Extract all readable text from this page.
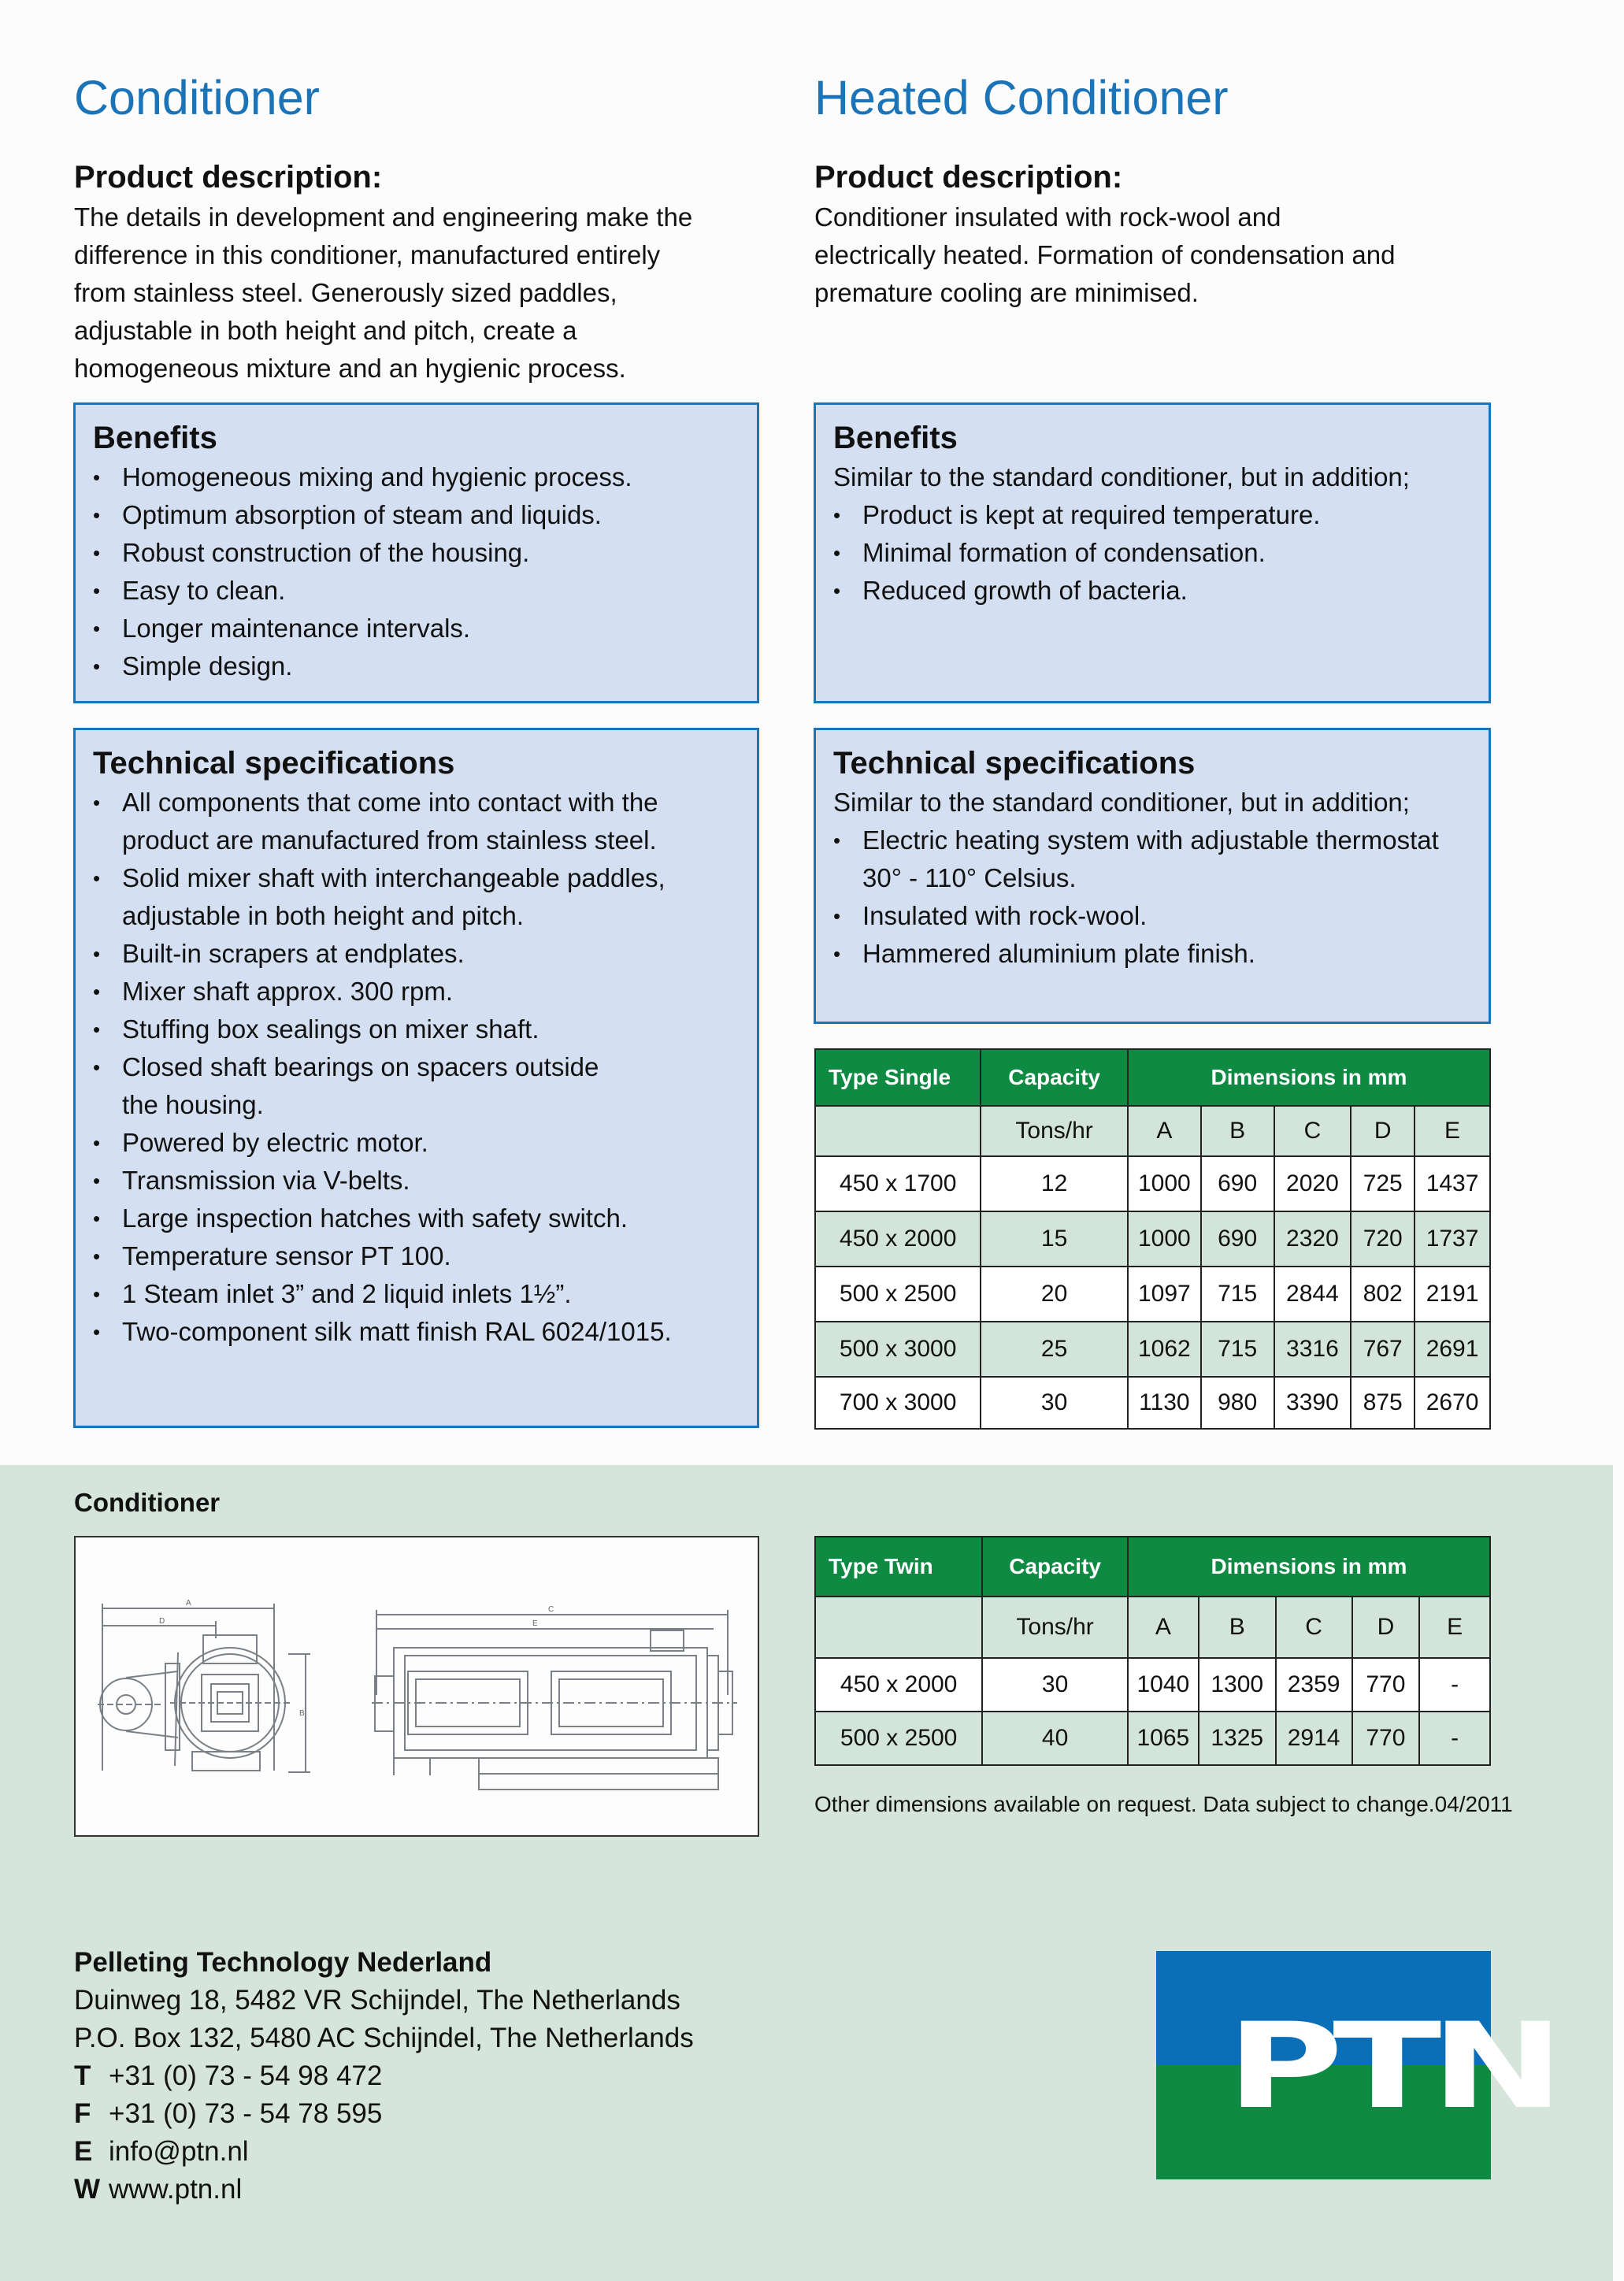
Conditioner
Product description:
The details in development and engineering make the
difference in this conditioner, manufactured entirely
from stainless steel. Generously sized paddles,
adjustable in both height and pitch, create a
homogeneous mixture and an hygienic process.
Benefits
• Homogeneous mixing and hygienic process.
• Optimum absorption of steam and liquids.
• Robust construction of the housing.
• Easy to clean.
• Longer maintenance intervals.
• Simple design.
Technical specifications
• All components that come into contact with the
product are manufactured from stainless steel.
• Solid mixer shaft with interchangeable paddles,
adjustable in both height and pitch.
• Built-in scrapers at endplates.
• Mixer shaft approx. 300 rpm.
• Stuffing box sealings on mixer shaft.
• Closed shaft bearings on spacers outside
the housing.
• Powered by electric motor.
• Transmission via V-belts.
• Large inspection hatches with safety switch.
• Temperature sensor PT 100.
• 1 Steam inlet 3” and 2 liquid inlets 1½”.
• Two-component silk matt finish RAL 6024/1015.
Heated Conditioner
Product description:
Conditioner insulated with rock-wool and
electrically heated. Formation of condensation and
premature cooling are minimised.
Benefits
Similar to the standard conditioner, but in addition;
• Product is kept at required temperature.
• Minimal formation of condensation.
• Reduced growth of bacteria.
Technical specifications
Similar to the standard conditioner, but in addition;
• Electric heating system with adjustable thermostat
30° - 110° Celsius.
• Insulated with rock-wool.
• Hammered aluminium plate finish.
Type Single	Capacity	Dimensions in mm				
	Tons/hr	A	B	C	D	E
450 x 1700	12	1000	690	2020	725	1437
450 x 2000	15	1000	690	2320	720	1737
500 x 2500	20	1097	715	2844	802	2191
500 x 3000	25	1062	715	3316	767	2691
700 x 3000	30	1130	980	3390	875	2670
Conditioner
A
D
B
C
E
Type Twin	Capacity	Dimensions in mm				
	Tons/hr	A	B	C	D	E
450 x 2000	30	1040	1300	2359	770	-
500 x 2500	40	1065	1325	2914	770	-
Other dimensions available on request. Data subject to change.04/2011
Pelleting Technology Nederland
Duinweg 18, 5482 VR Schijndel, The Netherlands
P.O. Box 132, 5480 AC Schijndel, The Netherlands
T +31 (0) 73 - 54 98 472
F +31 (0) 73 - 54 78 595
E info@ptn.nl
W www.ptn.nl
PTN
